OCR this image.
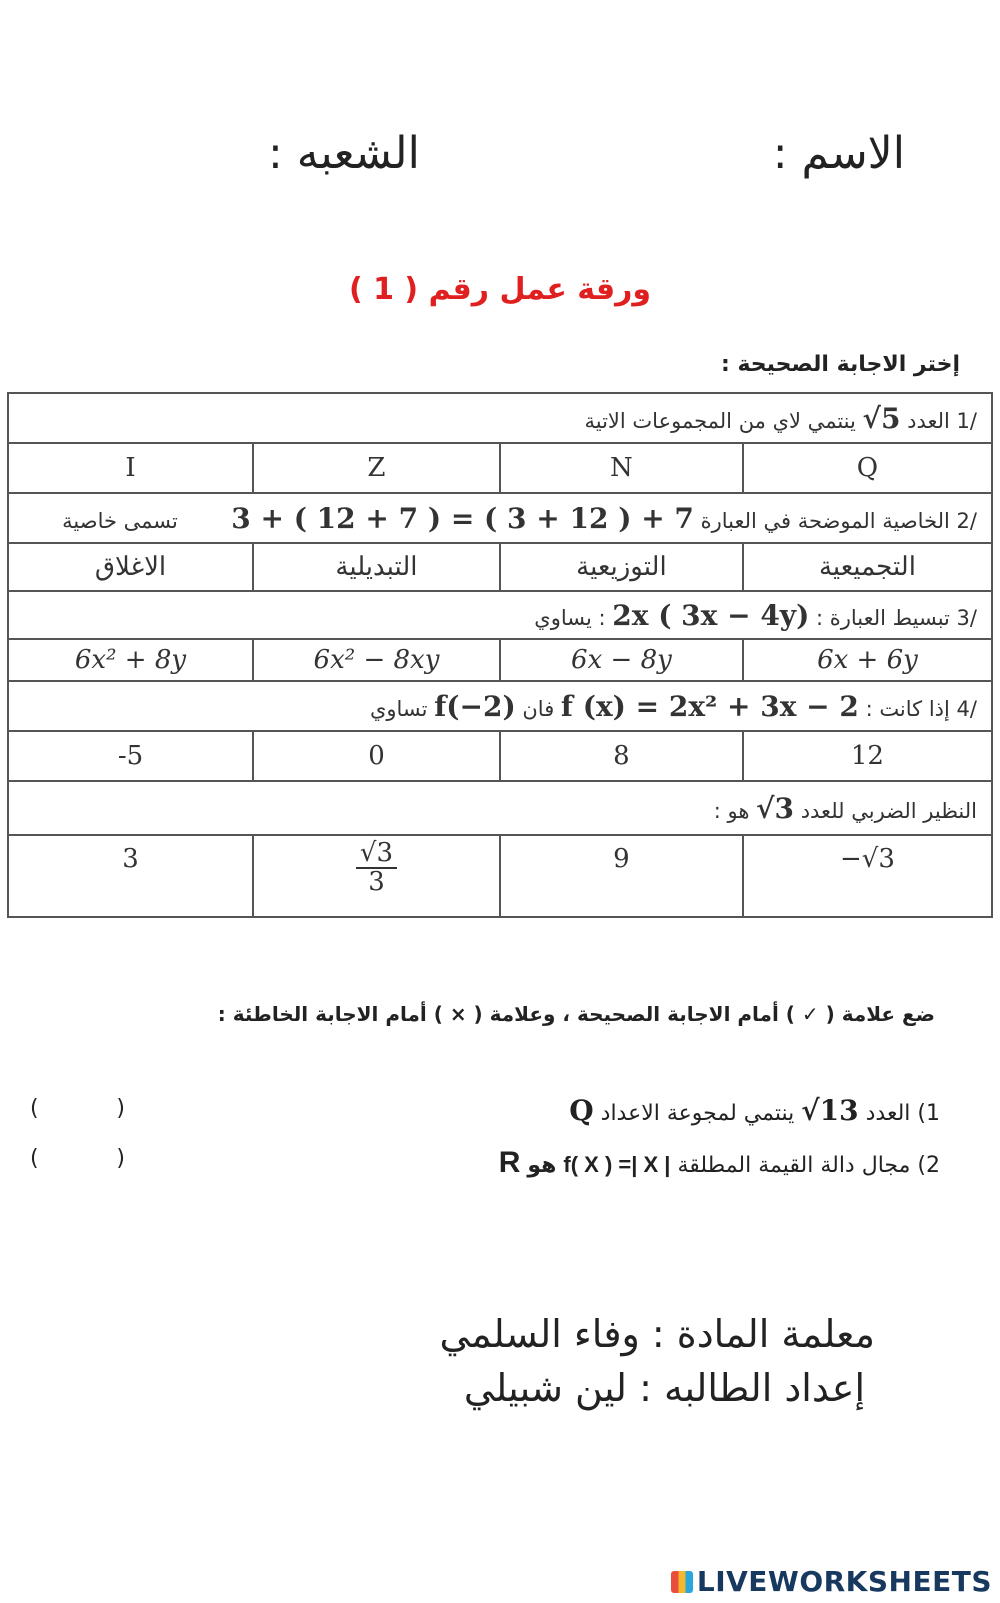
الاسم :
الشعبه :
ورقة عمل رقم ( 1 )
إختر الاجابة الصحيحة :
/1 العدد √5 ينتمي لاي من المجموعات الاتية			
I	Z	N	Q
/2 الخاصية الموضحة في العبارة 3 + ( 12 + 7 ) = ( 3 + 12 ) + 7  تسمى خاصية			
الاغلاق	التبديلية	التوزيعية	التجميعية
/3 تبسيط العبارة : 2x ( 3x − 4y) : يساوي			
6x² + 8y	6x² − 8xy	6x − 8y	6x + 6y
/4 إذا كانت : f (x) = 2x² + 3x − 2 فان f(−2) تساوي			
-5	0	8	12
النظير الضربي للعدد √3 هو :			
3	$\frac{√3}{3}$	9	−√3
ضع علامة ( ✓ ) أمام الاجابة الصحيحة ، وعلامة ( × ) أمام الاجابة الخاطئة :
1) العدد √13 ينتمي لمجوعة الاعداد Q
2) مجال دالة القيمة المطلقة f( X ) =| X | هو R
(	)
(	)
معلمة المادة : وفاء السلمي
إعداد الطالبه : لين شبيلي
LIVEWORKSHEETS
